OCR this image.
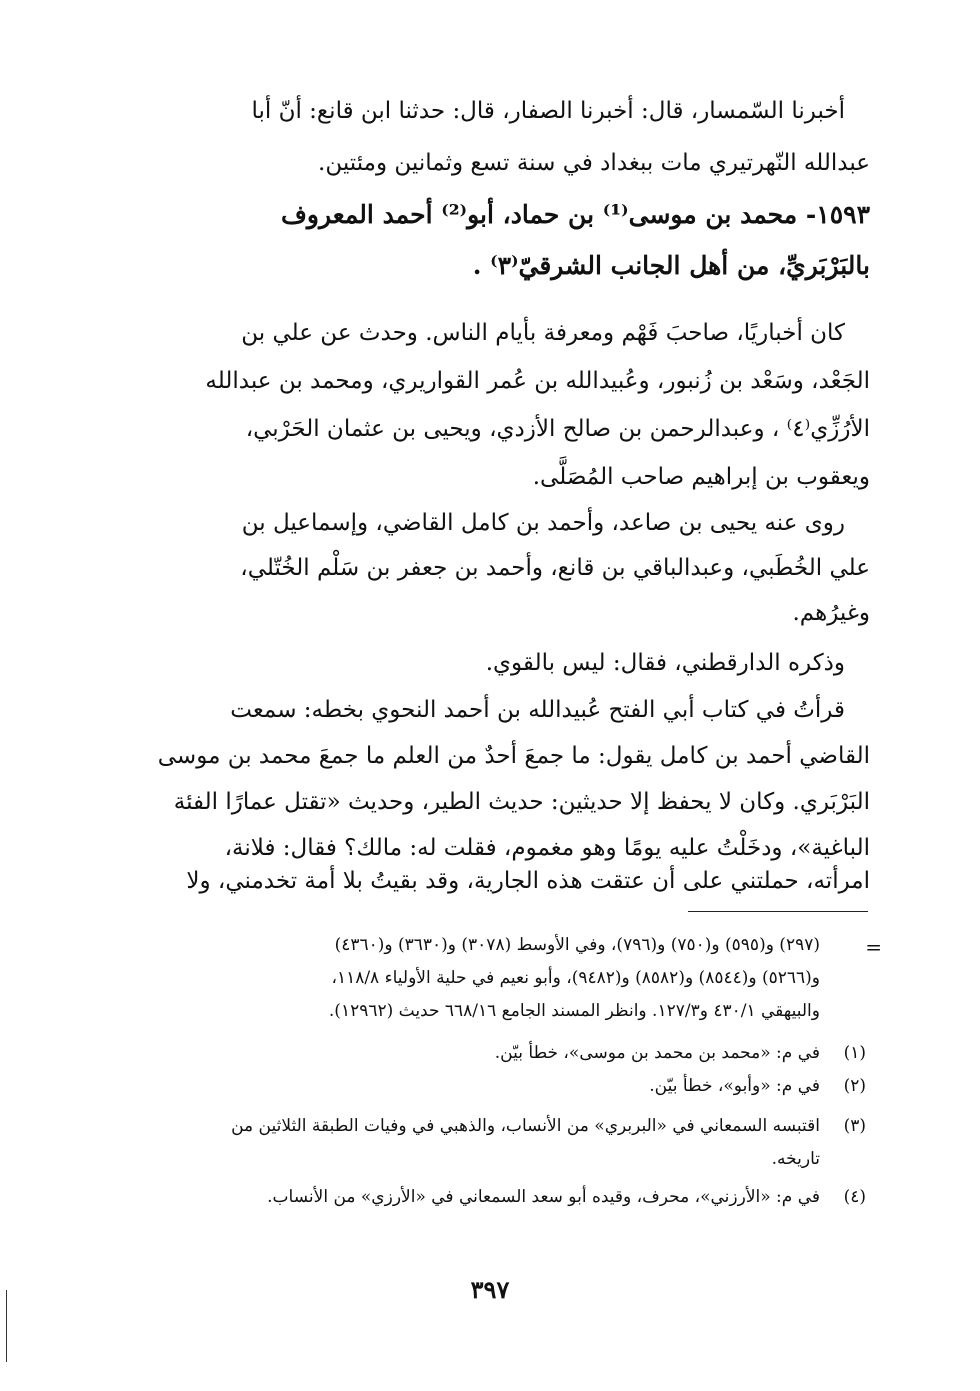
أخبرنا السّمسار، قال: أخبرنا الصفار، قال: حدثنا ابن قانع: أنّ أبا
عبدالله النّهرتيري مات ببغداد في سنة تسع وثمانين ومئتين.
١٥٩٣- محمد بن موسى⁽¹⁾ بن حماد، أبو⁽²⁾ أحمد المعروف
بالبَرْبَريِّ، من أهل الجانب الشرقيّ⁽٣⁾ .
كان أخباريًا، صاحبَ فَهْم ومعرفة بأيام الناس. وحدث عن علي بن
الجَعْد، وسَعْد بن زُنبور، وعُبيدالله بن عُمر القواريري، ومحمد بن عبدالله
الأرُزِّي⁽٤⁾ ، وعبدالرحمن بن صالح الأزدي، ويحيى بن عثمان الحَرْبي،
ويعقوب بن إبراهيم صاحب المُصَلَّى.
روى عنه يحيى بن صاعد، وأحمد بن كامل القاضي، وإسماعيل بن
علي الخُطَبي، وعبدالباقي بن قانع، وأحمد بن جعفر بن سَلْم الخُتّلي،
وغيرُهم.
وذكره الدارقطني، فقال: ليس بالقوي.
قرأتُ في كتاب أبي الفتح عُبيدالله بن أحمد النحوي بخطه: سمعت
القاضي أحمد بن كامل يقول: ما جمعَ أحدٌ من العلم ما جمعَ محمد بن موسى
البَرْبَري. وكان لا يحفظ إلا حديثين: حديث الطير، وحديث «تقتل عمارًا الفئة
الباغية»، ودخَلْتُ عليه يومًا وهو مغموم، فقلت له: مالك؟ فقال: فلانة،
امرأته، حملتني على أن عتقت هذه الجارية، وقد بقيتُ بلا أمة تخدمني، ولا
=
(٢٩٧) و(٥٩٥) و(٧٥٠) و(٧٩٦)، وفي الأوسط (٣٠٧٨) و(٣٦٣٠) و(٤٣٦٠)
و(٥٢٦٦) و(٨٥٤٤) و(٨٥٨٢) و(٩٤٨٢)، وأبو نعيم في حلية الأولياء ١١٨/٨،
والبيهقي ٤٣٠/١ و١٢٧/٣. وانظر المسند الجامع ٦٦٨/١٦ حديث (١٢٩٦٢).
(١)
في م: «محمد بن محمد بن موسى»، خطأ بيّن.
(٢)
في م: «وأبو»، خطأ بيّن.
(٣)
اقتبسه السمعاني في «البربري» من الأنساب، والذهبي في وفيات الطبقة الثلاثين من
تاريخه.
(٤)
في م: «الأرزني»، محرف، وقيده أبو سعد السمعاني في «الأرزي» من الأنساب.
٣٩٧
